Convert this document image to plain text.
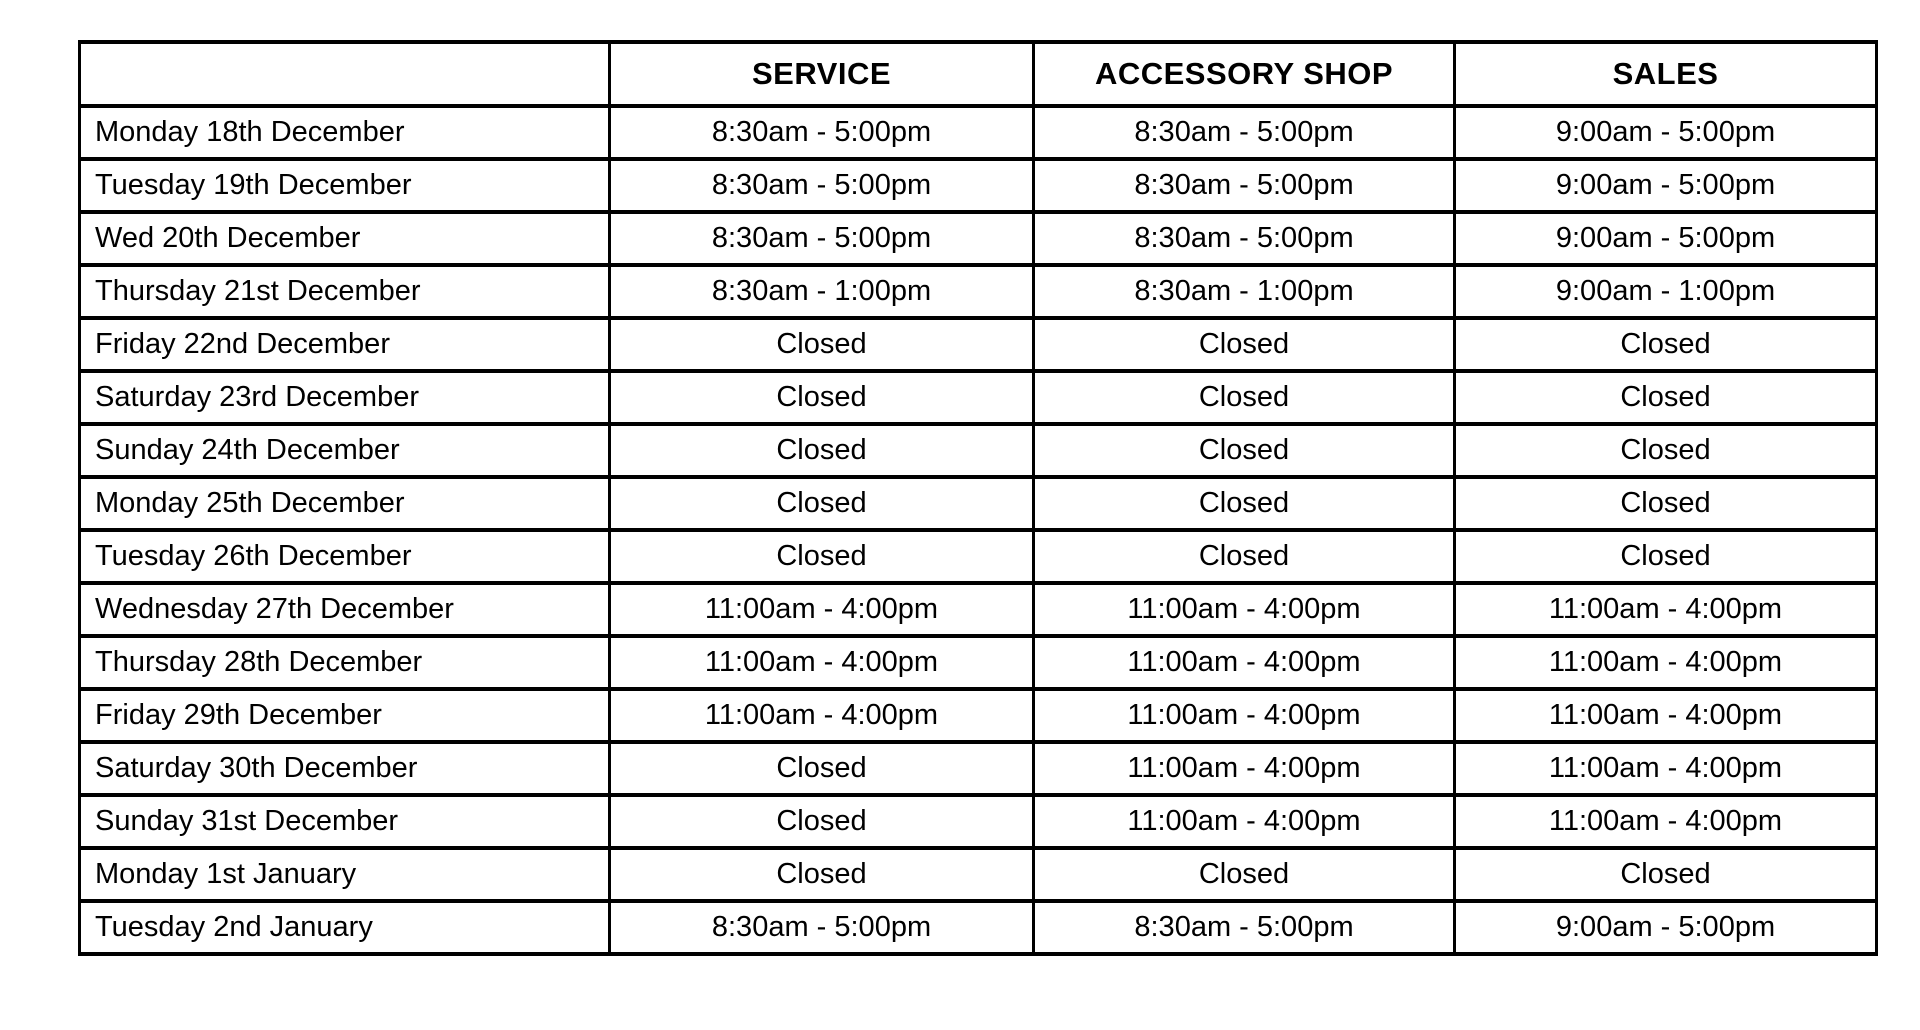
	SERVICE	ACCESSORY SHOP	SALES
Monday 18th December	8:30am - 5:00pm	8:30am - 5:00pm	9:00am - 5:00pm
Tuesday 19th December	8:30am - 5:00pm	8:30am - 5:00pm	9:00am - 5:00pm
Wed 20th December	8:30am - 5:00pm	8:30am - 5:00pm	9:00am - 5:00pm
Thursday 21st December	8:30am - 1:00pm	8:30am - 1:00pm	9:00am - 1:00pm
Friday 22nd December	Closed	Closed	Closed
Saturday 23rd December	Closed	Closed	Closed
Sunday 24th December	Closed	Closed	Closed
Monday 25th December	Closed	Closed	Closed
Tuesday 26th December	Closed	Closed	Closed
Wednesday 27th December	11:00am - 4:00pm	11:00am - 4:00pm	11:00am - 4:00pm
Thursday 28th December	11:00am - 4:00pm	11:00am - 4:00pm	11:00am - 4:00pm
Friday 29th December	11:00am - 4:00pm	11:00am - 4:00pm	11:00am - 4:00pm
Saturday 30th December	Closed	11:00am - 4:00pm	11:00am - 4:00pm
Sunday 31st December	Closed	11:00am - 4:00pm	11:00am - 4:00pm
Monday 1st January	Closed	Closed	Closed
Tuesday 2nd January	8:30am - 5:00pm	8:30am - 5:00pm	9:00am - 5:00pm
